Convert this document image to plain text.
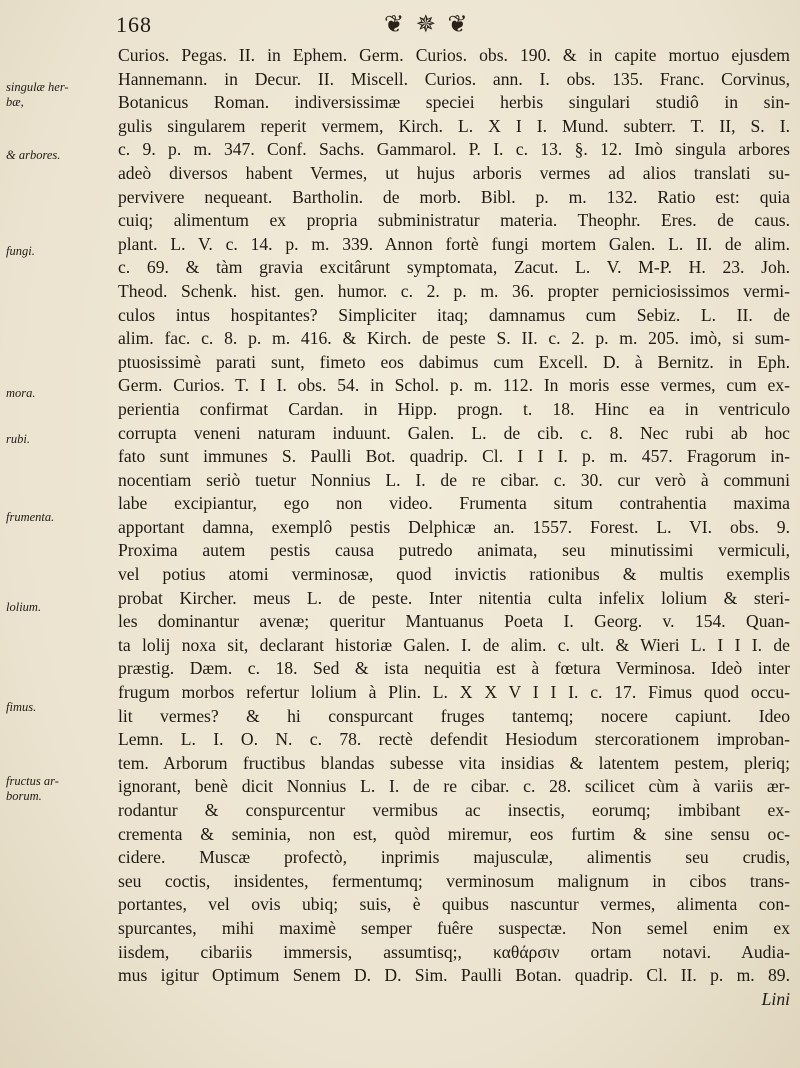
168	❦ ✵ ❦
Curios. Pegas. II. in Ephem. Germ. Curios. obs. 190. & in capite mortuo ejusdem
Hannemann. in Decur. II. Miscell. Curios. ann. I. obs. 135. Franc. Corvinus,
Botanicus Roman. indiversissimæ speciei herbis singulari studiô in sin-
gulis singularem reperit vermem, Kirch. L. X I I. Mund. subterr. T. II, S. I.
c. 9. p. m. 347. Conf. Sachs. Gammarol. P. I. c. 13. §. 12. Imò singula arbores
adeò diversos habent Vermes, ut hujus arboris vermes ad alios translati su-
pervivere nequeant. Bartholin. de morb. Bibl. p. m. 132. Ratio est: quia
cuiq; alimentum ex propria subministratur materia. Theophr. Eres. de caus.
plant. L. V. c. 14. p. m. 339. Annon fortè fungi mortem Galen. L. II. de alim.
c. 69. & tàm gravia excitârunt symptomata, Zacut. L. V. M-P. H. 23. Joh.
Theod. Schenk. hist. gen. humor. c. 2. p. m. 36. propter perniciosissimos vermi-
culos intus hospitantes? Simpliciter itaq; damnamus cum Sebiz. L. II. de
alim. fac. c. 8. p. m. 416. & Kirch. de peste S. II. c. 2. p. m. 205. imò, si sum-
ptuosissimè parati sunt, fimeto eos dabimus cum Excell. D. à Bernitz. in Eph.
Germ. Curios. T. I I. obs. 54. in Schol. p. m. 112. In moris esse vermes, cum ex-
perientia confirmat Cardan. in Hipp. progn. t. 18. Hinc ea in ventriculo
corrupta veneni naturam induunt. Galen. L. de cib. c. 8. Nec rubi ab hoc
fato sunt immunes S. Paulli Bot. quadrip. Cl. I I I. p. m. 457. Fragorum in-
nocentiam seriò tuetur Nonnius L. I. de re cibar. c. 30. cur verò à communi
labe excipiantur, ego non video. Frumenta situm contrahentia maxima
apportant damna, exemplô pestis Delphicæ an. 1557. Forest. L. VI. obs. 9.
Proxima autem pestis causa putredo animata, seu minutissimi vermiculi,
vel potius atomi verminosæ, quod invictis rationibus & multis exemplis
probat Kircher. meus L. de peste. Inter nitentia culta infelix lolium & steri-
les dominantur avenæ; queritur Mantuanus Poeta I. Georg. v. 154. Quan-
ta lolij noxa sit, declarant historiæ Galen. I. de alim. c. ult. & Wieri L. I I I. de
præstig. Dæm. c. 18. Sed & ista nequitia est à fœtura Verminosa. Ideò inter
frugum morbos refertur lolium à Plin. L. X X V I I I. c. 17. Fimus quod occu-
lit vermes? & hi conspurcant fruges tantemq; nocere capiunt. Ideo
Lemn. L. I. O. N. c. 78. rectè defendit Hesiodum stercorationem improban-
tem. Arborum fructibus blandas subesse vita insidias & latentem pestem, pleriq;
ignorant, benè dicit Nonnius L. I. de re cibar. c. 28. scilicet cùm à variis ær-
rodantur & conspurcentur vermibus ac insectis, eorumq; imbibant ex-
crementa & seminia, non est, quòd miremur, eos furtim & sine sensu oc-
cidere. Muscæ profectò, inprimis majusculæ, alimentis seu crudis,
seu coctis, insidentes, fermentumq; verminosum malignum in cibos trans-
portantes, vel ovis ubiq; suis, è quibus nascuntur vermes, alimenta con-
spurcantes, mihi maximè semper fuêre suspectæ. Non semel enim ex
iisdem, cibariis immersis, assumtisq;, καθάρσιν ortam notavi. Audia-
mus igitur Optimum Senem D. D. Sim. Paulli Botan. quadrip. Cl. II. p. m. 89.
Lini
singulæ her-
bæ,
& arbores.
fungi.
mora.
rubi.
frumenta.
lolium.
fimus.
fructus ar-
borum.
